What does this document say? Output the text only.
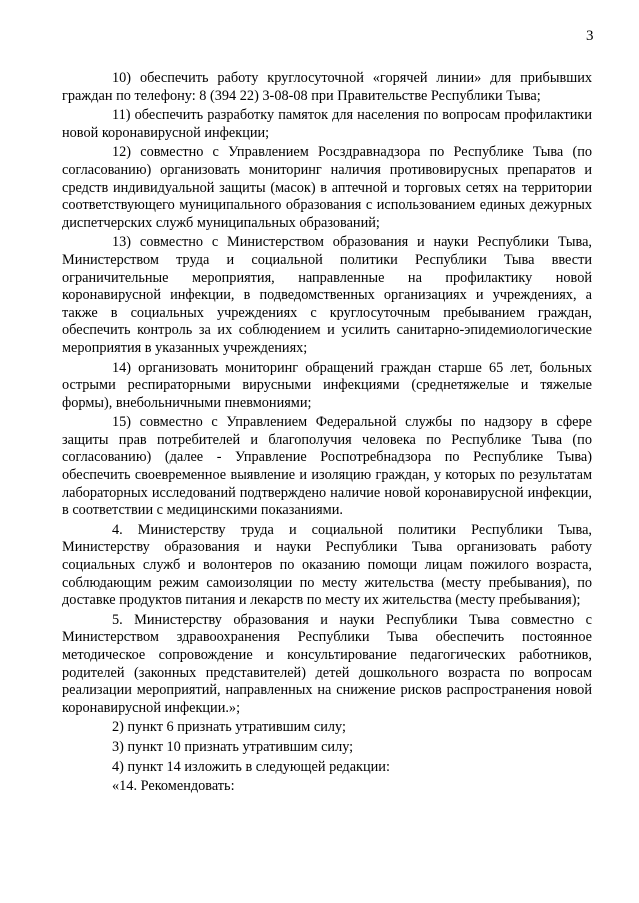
3

10) обеспечить работу круглосуточной «горячей линии» для прибывших граждан по телефону: 8 (394 22) 3-08-08 при Правительстве Республики Тыва;

11) обеспечить разработку памяток для населения по вопросам профилактики новой коронавирусной инфекции;

12) совместно с Управлением Росздравнадзора по Республике Тыва (по согласованию) организовать мониторинг наличия противовирусных препаратов и средств индивидуальной защиты (масок) в аптечной и торговых сетях на территории соответствующего муниципального образования с использованием единых дежурных диспетчерских служб муниципальных образований;

13) совместно с Министерством образования и науки Республики Тыва, Министерством труда и социальной политики Республики Тыва ввести ограничительные мероприятия, направленные на профилактику новой коронавирусной инфекции, в подведомственных организациях и учреждениях, а также в социальных учреждениях с круглосуточным пребыванием граждан, обеспечить контроль за их соблюдением и усилить санитарно-эпидемиологические мероприятия в указанных учреждениях;

14) организовать мониторинг обращений граждан старше 65 лет, больных острыми респираторными вирусными инфекциями (среднетяжелые и тяжелые формы), внебольничными пневмониями;

15) совместно с Управлением Федеральной службы по надзору в сфере защиты прав потребителей и благополучия человека по Республике Тыва (по согласованию) (далее - Управление Роспотребнадзора по Республике Тыва) обеспечить своевременное выявление и изоляцию граждан, у которых по результатам лабораторных исследований подтверждено наличие новой коронавирусной инфекции, в соответствии с медицинскими показаниями.

4. Министерству труда и социальной политики Республики Тыва, Министерству образования и науки Республики Тыва организовать работу социальных служб и волонтеров по оказанию помощи лицам пожилого возраста, соблюдающим режим самоизоляции по месту жительства (месту пребывания), по доставке продуктов питания и лекарств по месту их жительства (месту пребывания);

5. Министерству образования и науки Республики Тыва совместно с Министерством здравоохранения Республики Тыва обеспечить постоянное методическое сопровождение и консультирование педагогических работников, родителей (законных представителей) детей дошкольного возраста по вопросам реализации мероприятий, направленных на снижение рисков распространения новой коронавирусной инфекции.»;

2) пункт 6 признать утратившим силу;

3) пункт 10 признать утратившим силу;

4) пункт 14 изложить в следующей редакции:

«14. Рекомендовать:
